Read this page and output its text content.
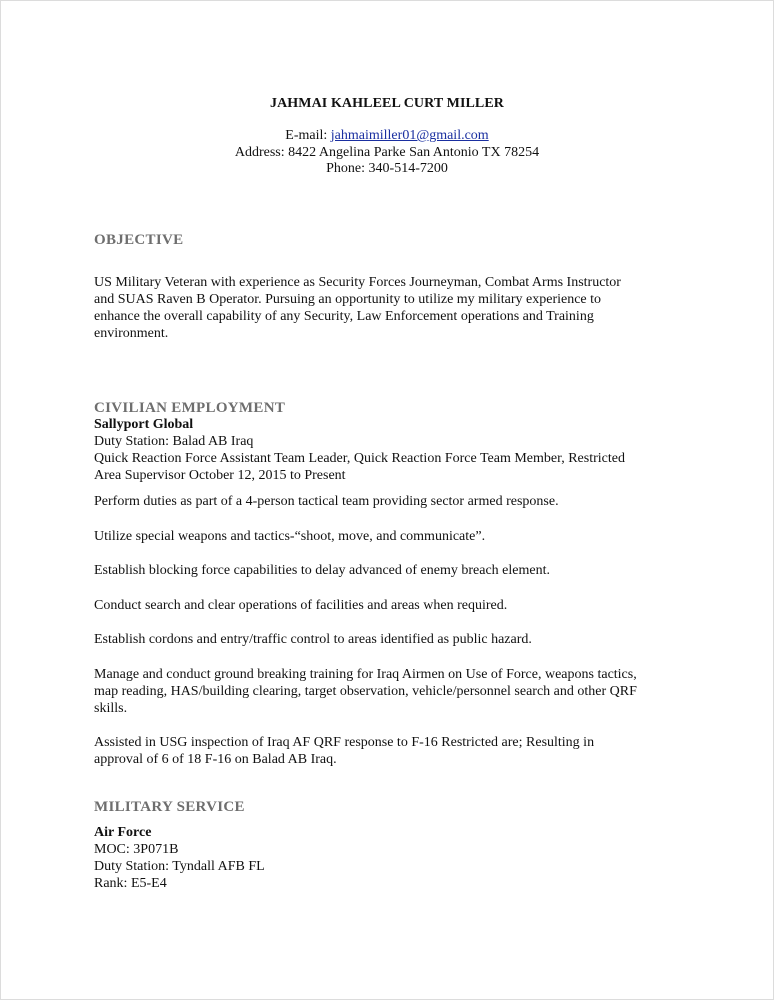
JAHMAI KAHLEEL CURT MILLER
E-mail: jahmaimiller01@gmail.com
Address: 8422 Angelina Parke San Antonio TX 78254
Phone: 340-514-7200
OBJECTIVE

US Military Veteran with experience as Security Forces Journeyman, Combat Arms Instructor

and SUAS Raven B Operator. Pursuing an opportunity to utilize my military experience to

enhance the overall capability of any Security, Law Enforcement operations and Training

environment.

CIVILIAN EMPLOYMENT

Sallyport Global

Duty Station: Balad AB Iraq

Quick Reaction Force Assistant Team Leader, Quick Reaction Force Team Member, Restricted

Area Supervisor October 12, 2015 to Present

Perform duties as part of a 4-person tactical team providing sector armed response.

Utilize special weapons and tactics-“shoot, move, and communicate”.

Establish blocking force capabilities to delay advanced of enemy breach element.

Conduct search and clear operations of facilities and areas when required.

Establish cordons and entry/traffic control to areas identified as public hazard.

Manage and conduct ground breaking training for Iraq Airmen on Use of Force, weapons tactics,

map reading, HAS/building clearing, target observation, vehicle/personnel search and other QRF

skills.

Assisted in USG inspection of Iraq AF QRF response to F-16 Restricted are; Resulting in

approval of 6 of 18 F-16 on Balad AB Iraq.

MILITARY SERVICE

Air Force

MOC: 3P071B

Duty Station: Tyndall AFB FL

Rank: E5-E4
